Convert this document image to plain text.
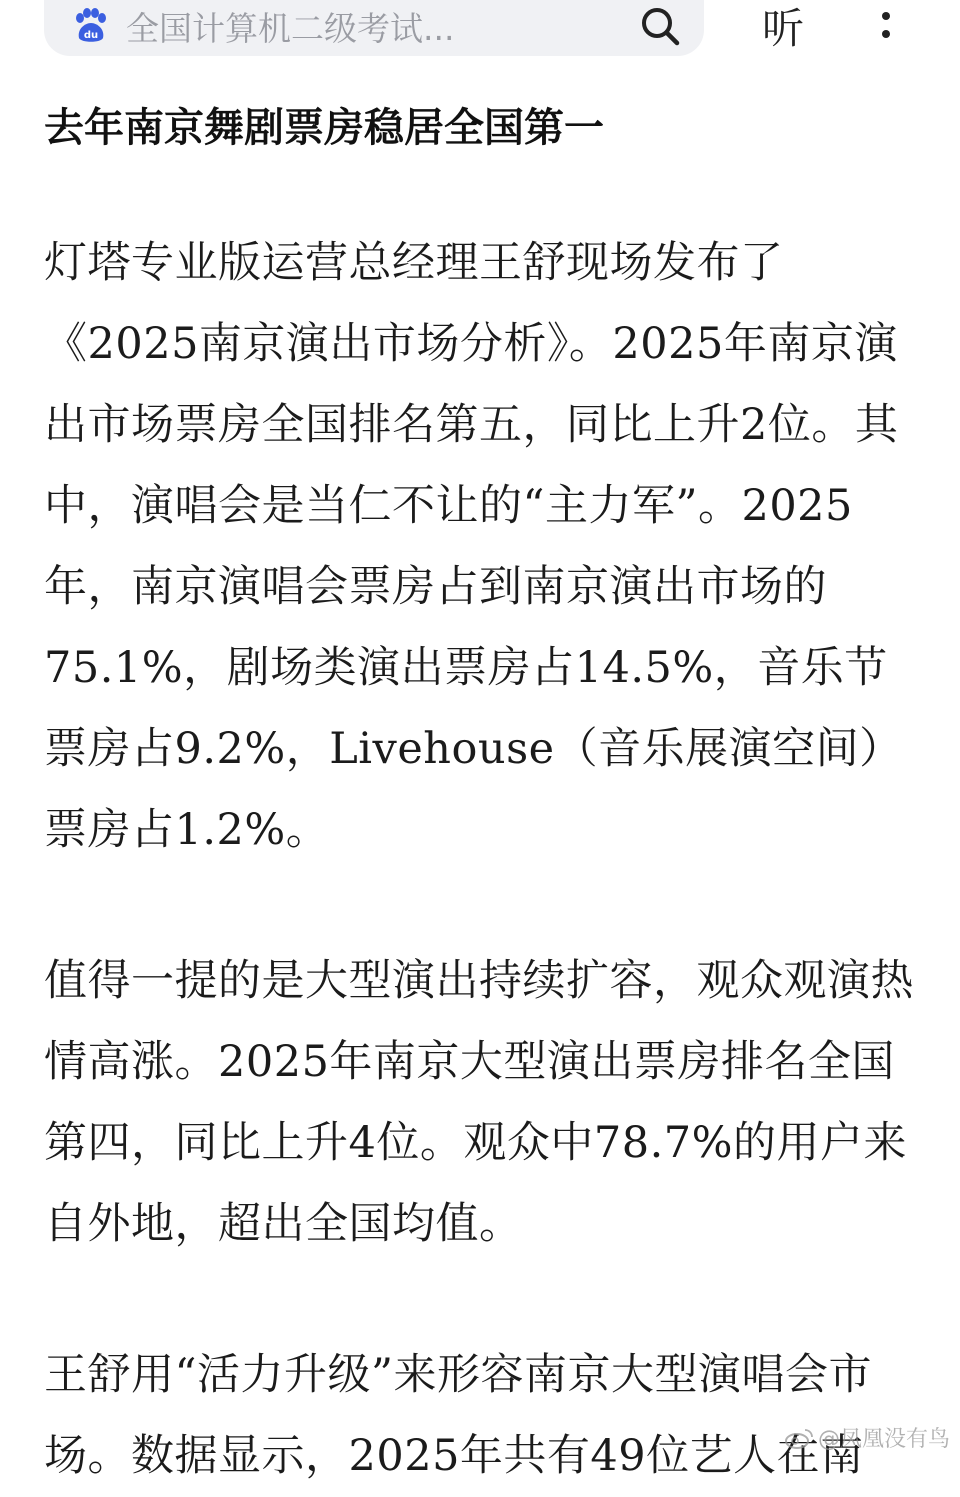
du 全国计算机二级考试...	听
去年南京舞剧票房稳居全国第一

灯塔专业版运营总经理王舒现场发布了《2025南京演出市场分析》。2025年南京演出市场票房全国排名第五，同比上升2位。其中，演唱会是当仁不让的“主力军”。2025年，南京演唱会票房占到南京演出市场的75.1%，剧场类演出票房占14.5%，音乐节票房占9.2%，Livehouse（音乐展演空间）票房占1.2%。

值得一提的是大型演出持续扩容，观众观演热情高涨。2025年南京大型演出票房排名全国第四，同比上升4位。观众中78.7%的用户来自外地，超出全国均值。

王舒用“活力升级”来形容南京大型演唱会市场。数据显示，2025年共有49位艺人在南

@凤凰没有鸟
